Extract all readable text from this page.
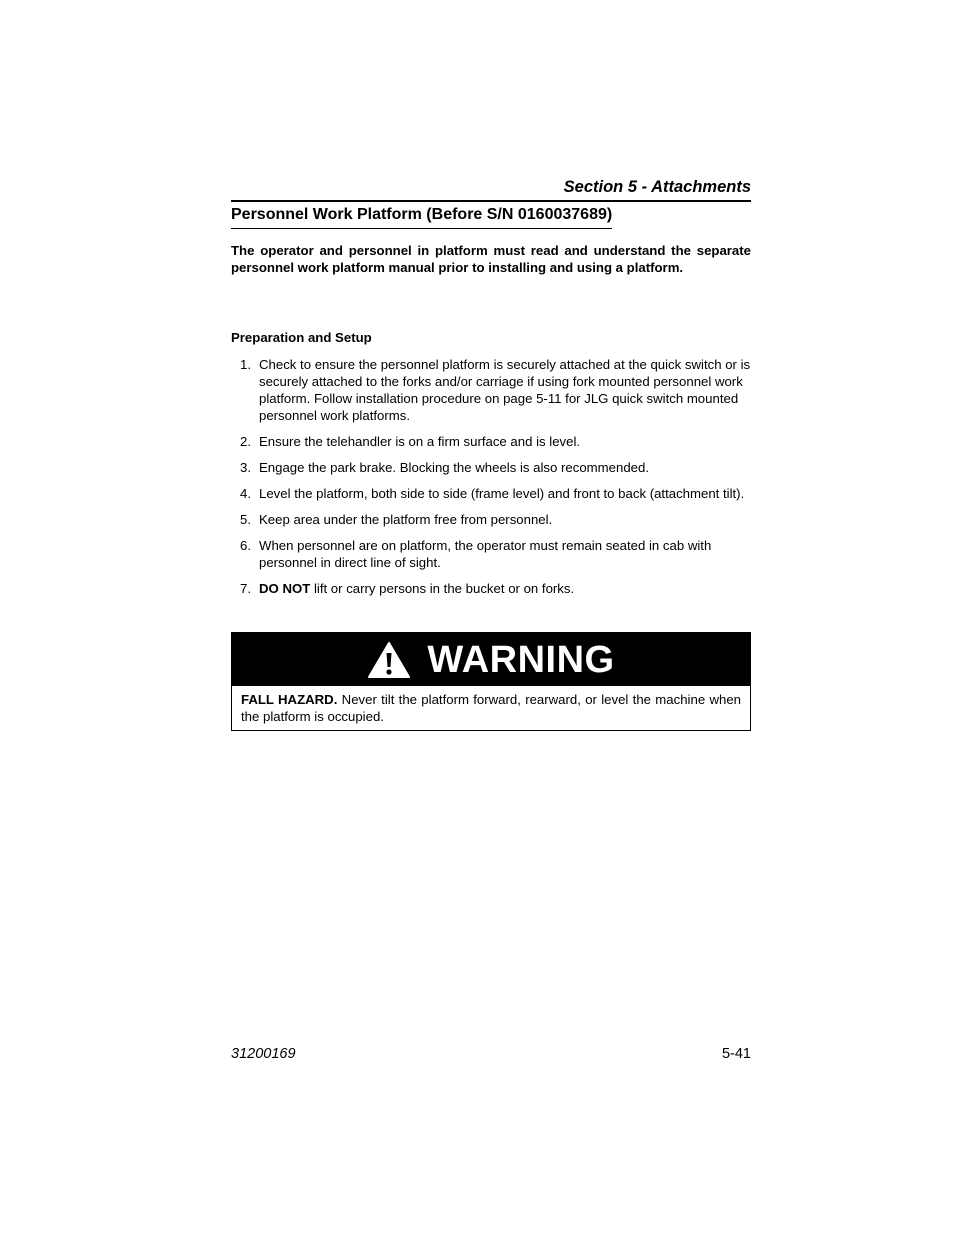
Section 5 - Attachments
Personnel Work Platform (Before S/N 0160037689)
The operator and personnel in platform must read and understand the separate personnel work platform manual prior to installing and using a platform.
Preparation and Setup
1. Check to ensure the personnel platform is securely attached at the quick switch or is securely attached to the forks and/or carriage if using fork mounted personnel work platform. Follow installation procedure on page 5-11 for JLG quick switch mounted personnel work platforms.
2. Ensure the telehandler is on a firm surface and is level.
3. Engage the park brake. Blocking the wheels is also recommended.
4. Level the platform, both side to side (frame level) and front to back (attachment tilt).
5. Keep area under the platform free from personnel.
6. When personnel are on platform, the operator must remain seated in cab with personnel in direct line of sight.
7. DO NOT lift or carry persons in the bucket or on forks.
WARNING
FALL HAZARD. Never tilt the platform forward, rearward, or level the machine when the platform is occupied.
31200169	5-41
